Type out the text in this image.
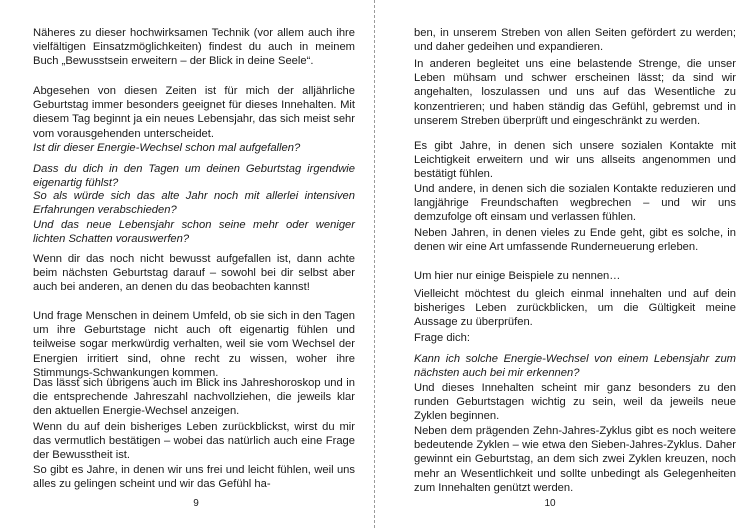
Näheres zu dieser hochwirksamen Technik (vor allem auch ihre vielfältigen Einsatzmöglichkeiten) findest du auch in meinem Buch „Bewusstsein erweitern – der Blick in deine Seele“.

Abgesehen von diesen Zeiten ist für mich der alljährliche Geburtstag immer besonders geeignet für dieses Innehalten. Mit diesem Tag beginnt ja ein neues Lebensjahr, das sich meist sehr vom vorausgehenden unterscheidet.

Ist dir dieser Energie-Wechsel schon mal aufgefallen?

Dass du dich in den Tagen um deinen Geburtstag irgendwie eigenartig fühlst?

So als würde sich das alte Jahr noch mit allerlei intensiven Erfahrungen verabschieden?

Und das neue Lebensjahr schon seine mehr oder weniger lichten Schatten vorauswerfen?

Wenn dir das noch nicht bewusst aufgefallen ist, dann achte beim nächsten Geburtstag darauf – sowohl bei dir selbst aber auch bei anderen, an denen du das beobachten kannst!

Und frage Menschen in deinem Umfeld, ob sie sich in den Tagen um ihre Geburtstage nicht auch oft eigenartig fühlen und teilweise sogar merkwürdig verhalten, weil sie vom Wechsel der Energien irritiert sind, ohne recht zu wissen, woher ihre Stimmungs-Schwankungen kommen.

Das lässt sich übrigens auch im Blick ins Jahreshoroskop und in die entsprechende Jahreszahl nachvollziehen, die jeweils klar den aktuellen Energie-Wechsel anzeigen.

Wenn du auf dein bisheriges Leben zurückblickst, wirst du mir das vermutlich bestätigen – wobei das natürlich auch eine Frage der Bewusstheit ist.

So gibt es Jahre, in denen wir uns frei und leicht fühlen, weil uns alles zu gelingen scheint und wir das Gefühl ha-

9

ben, in unserem Streben von allen Seiten gefördert zu werden; und daher gedeihen und expandieren.

In anderen begleitet uns eine belastende Strenge, die unser Leben mühsam und schwer erscheinen lässt; da sind wir angehalten, loszulassen und uns auf das Wesentliche zu konzentrieren; und haben ständig das Gefühl, gebremst und in unserem Streben überprüft und eingeschränkt zu werden.

Es gibt Jahre, in denen sich unsere sozialen Kontakte mit Leichtigkeit erweitern und wir uns allseits angenommen und bestätigt fühlen.

Und andere, in denen sich die sozialen Kontakte reduzieren und langjährige Freundschaften wegbrechen – und wir uns demzufolge oft einsam und verlassen fühlen.

Neben Jahren, in denen vieles zu Ende geht, gibt es solche, in denen wir eine Art umfassende Runderneuerung erleben.

Um hier nur einige Beispiele zu nennen…

Vielleicht möchtest du gleich einmal innehalten und auf dein bisheriges Leben zurückblicken, um die Gültigkeit meine Aussage zu überprüfen.

Frage dich:

Kann ich solche Energie-Wechsel von einem Lebensjahr zum nächsten auch bei mir erkennen?

Und dieses Innehalten scheint mir ganz besonders zu den runden Geburtstagen wichtig zu sein, weil da jeweils neue Zyklen beginnen.

Neben dem prägenden Zehn-Jahres-Zyklus gibt es noch weitere bedeutende Zyklen – wie etwa den Sieben-Jahres-Zyklus. Daher gewinnt ein Geburtstag, an dem sich zwei Zyklen kreuzen, noch mehr an Wesentlichkeit und sollte unbedingt als Gelegenheiten zum Innehalten genützt werden.

10
